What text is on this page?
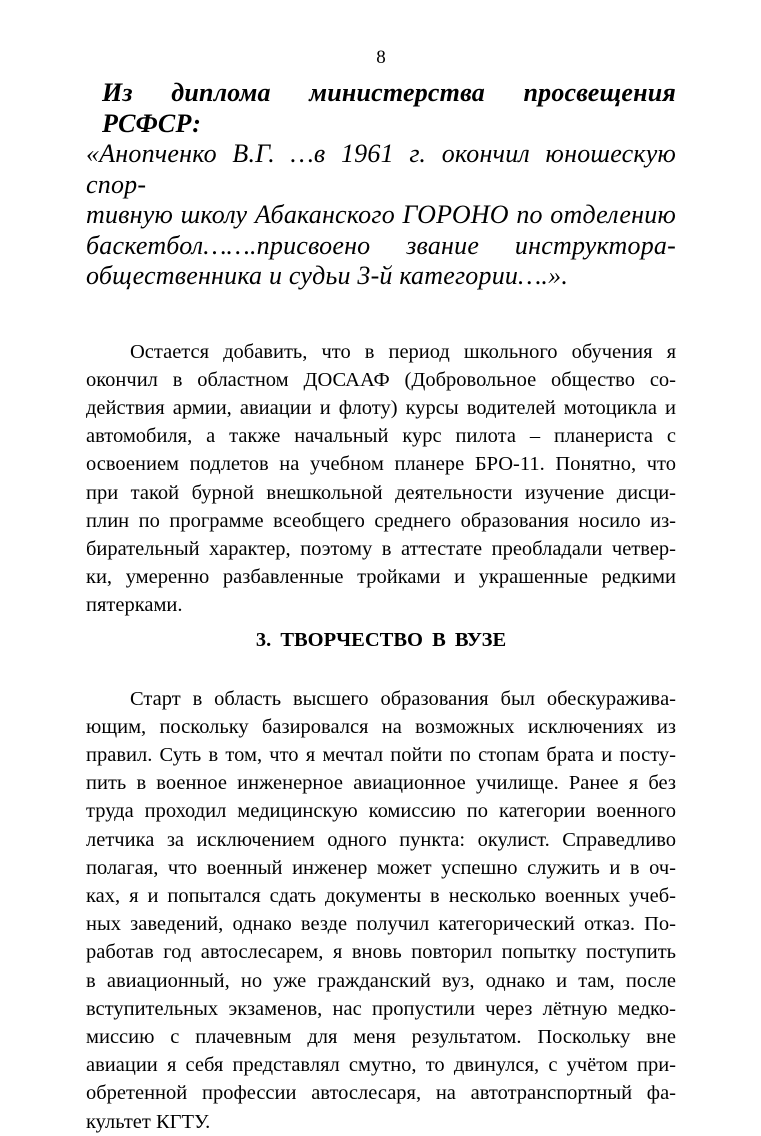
8
Из диплома министерства просвещения РСФСР:
«Анопченко В.Г. …в 1961 г. окончил юношескую спор-
тивную школу Абаканского ГОРОНО по отделению
баскетбол…….присвоено звание инструктора-
общественника и судьи 3-й категории….».
Остается добавить, что в период школьного обучения я
окончил в областном ДОСААФ (Добровольное общество со-
действия армии, авиации и флоту) курсы водителей мотоцикла и
автомобиля, а также начальный курс пилота – планериста с
освоением подлетов на учебном планере БРО-11. Понятно, что
при такой бурной внешкольной деятельности изучение дисци-
плин по программе всеобщего среднего образования носило из-
бирательный характер, поэтому в аттестате преобладали четвер-
ки, умеренно разбавленные тройками и украшенные редкими
пятерками.
3. ТВОРЧЕСТВО В ВУЗЕ
Старт в область высшего образования был обескураживa-
ющим, поскольку базировался на возможных исключениях из
правил. Суть в том, что я мечтал пойти по стопам брата и посту-
пить в военное инженерное авиационное училище. Ранее я без
труда проходил медицинскую комиссию по категории военного
летчика за исключением одного пункта: окулист. Справедливо
полагая, что военный инженер может успешно служить и в оч-
ках, я и попытался сдать документы в несколько военных учеб-
ных заведений, однако везде получил категорический отказ. По-
работав год автослесарем, я вновь повторил попытку поступить
в авиационный, но уже гражданский вуз, однако и там, после
вступительных экзаменов, нас пропустили через лётную медко-
миссию с плачевным для меня результатом. Поскольку вне
авиации я себя представлял смутно, то двинулся, с учётом при-
обретенной профессии автослесаря, на автотранспортный фа-
культет КГТУ.
